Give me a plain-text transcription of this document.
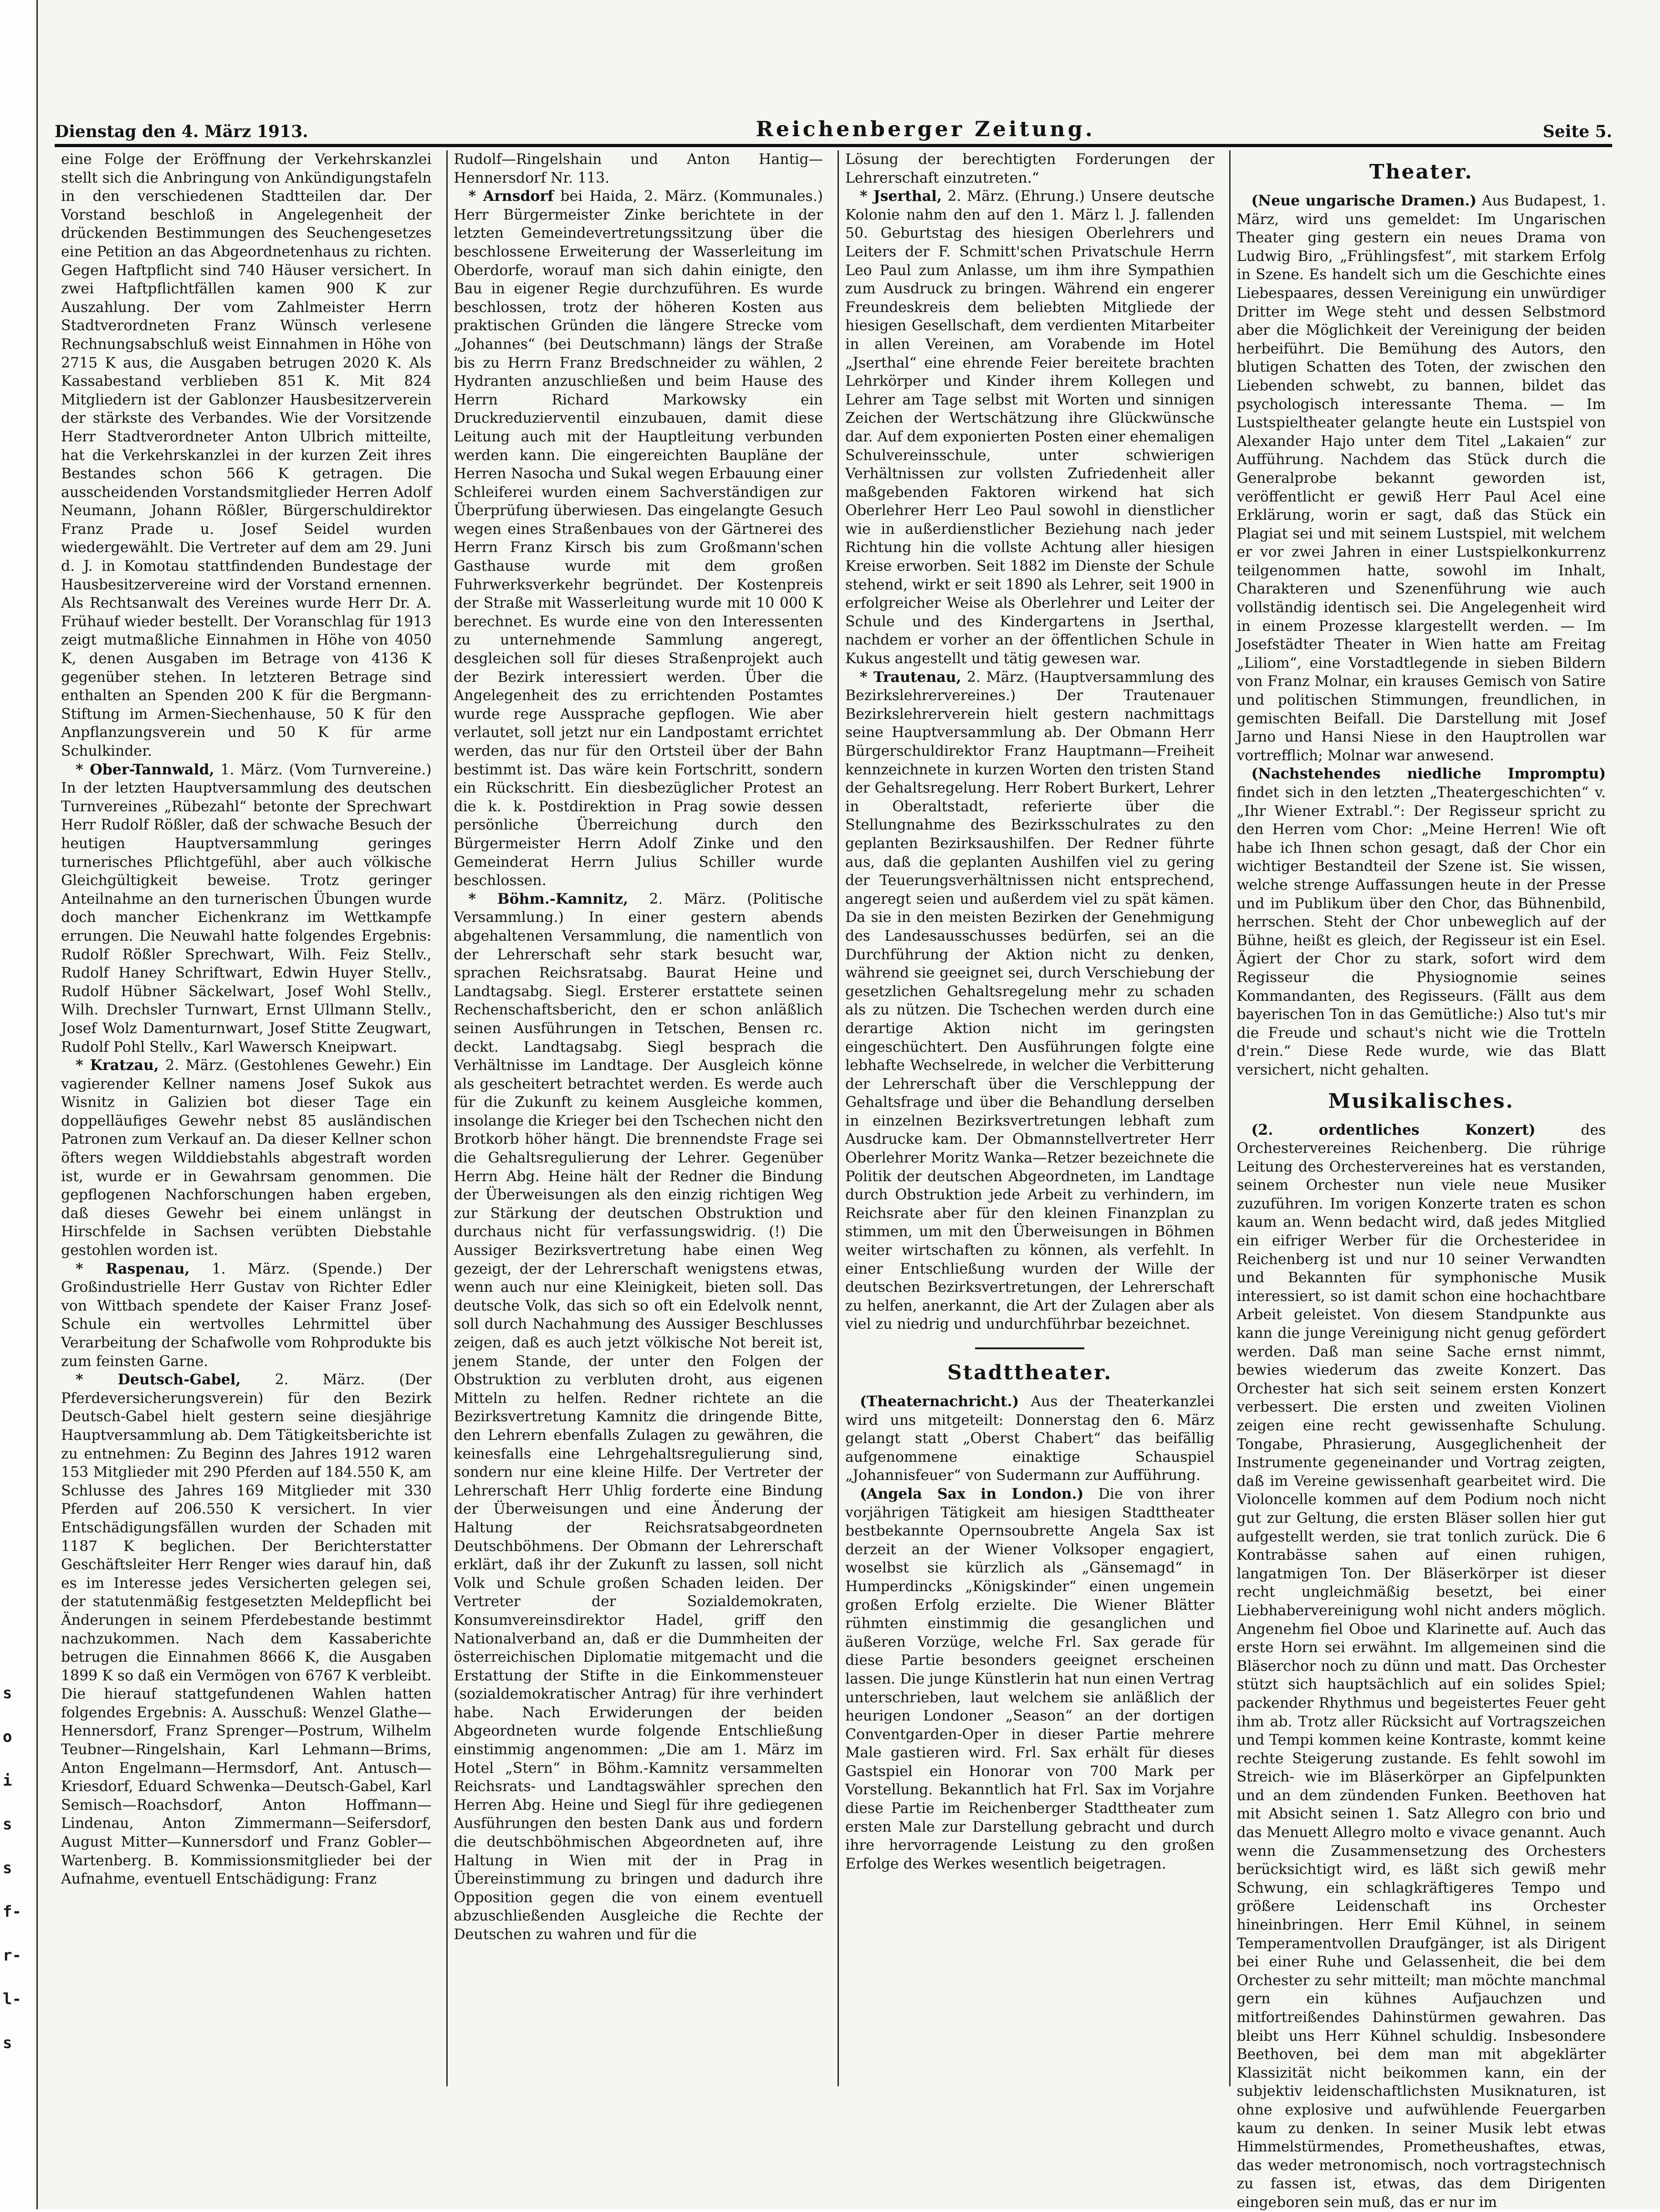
s
o
i
s
s
f-
r-
l-
s
Dienstag den 4. März 1913.	Reichenberger Zeitung.	Seite 5.

eine Folge der Eröffnung der Verkehrskanzlei stellt sich die Anbringung von Ankündigungstafeln in den verschiedenen Stadtteilen dar. Der Vorstand beschloß in Angelegenheit der drückenden Bestimmungen des Seuchengesetzes eine Petition an das Abgeordnetenhaus zu richten. Gegen Haftpflicht sind 740 Häuser versichert. In zwei Haftpflichtfällen kamen 900 K zur Auszahlung. Der vom Zahlmeister Herrn Stadtverordneten Franz Wünsch verlesene Rechnungsabschluß weist Einnahmen in Höhe von 2715 K aus, die Ausgaben betrugen 2020 K. Als Kassabestand verblieben 851 K. Mit 824 Mitgliedern ist der Gablonzer Hausbesitzerverein der stärkste des Verbandes. Wie der Vorsitzende Herr Stadtverordneter Anton Ulbrich mitteilte, hat die Verkehrskanzlei in der kurzen Zeit ihres Bestandes schon 566 K getragen. Die ausscheidenden Vorstandsmitglieder Herren Adolf Neumann, Johann Rößler, Bürgerschuldirektor Franz Prade u. Josef Seidel wurden wiedergewählt. Die Vertreter auf dem am 29. Juni d. J. in Komotau stattfindenden Bundestage der Hausbesitzervereine wird der Vorstand ernennen. Als Rechtsanwalt des Vereines wurde Herr Dr. A. Frühauf wieder bestellt. Der Voranschlag für 1913 zeigt mutmaßliche Einnahmen in Höhe von 4050 K, denen Ausgaben im Betrage von 4136 K gegenüber stehen. In letzteren Betrage sind enthalten an Spenden 200 K für die Bergmann-Stiftung im Armen-Siechenhause, 50 K für den Anpflanzungsverein und 50 K für arme Schulkinder.

* Ober-Tannwald, 1. März. (Vom Turnvereine.) In der letzten Hauptversammlung des deutschen Turnvereines „Rübezahl“ betonte der Sprechwart Herr Rudolf Rößler, daß der schwache Besuch der heutigen Hauptversammlung geringes turnerisches Pflichtgefühl, aber auch völkische Gleichgültigkeit beweise. Trotz geringer Anteilnahme an den turnerischen Übungen wurde doch mancher Eichenkranz im Wettkampfe errungen. Die Neuwahl hatte folgendes Ergebnis: Rudolf Rößler Sprechwart, Wilh. Feiz Stellv., Rudolf Haney Schriftwart, Edwin Huyer Stellv., Rudolf Hübner Säckelwart, Josef Wohl Stellv., Wilh. Drechsler Turnwart, Ernst Ullmann Stellv., Josef Wolz Damenturnwart, Josef Stitte Zeugwart, Rudolf Pohl Stellv., Karl Wawersch Kneipwart.

* Kratzau, 2. März. (Gestohlenes Gewehr.) Ein vagierender Kellner namens Josef Sukok aus Wisnitz in Galizien bot dieser Tage ein doppelläufiges Gewehr nebst 85 ausländischen Patronen zum Verkauf an. Da dieser Kellner schon öfters wegen Wilddiebstahls abgestraft worden ist, wurde er in Gewahrsam genommen. Die gepflogenen Nachforschungen haben ergeben, daß dieses Gewehr bei einem unlängst in Hirschfelde in Sachsen verübten Diebstahle gestohlen worden ist.

* Raspenau, 1. März. (Spende.) Der Großindustrielle Herr Gustav von Richter Edler von Wittbach spendete der Kaiser Franz Josef-Schule ein wertvolles Lehrmittel über Verarbeitung der Schafwolle vom Rohprodukte bis zum feinsten Garne.

* Deutsch-Gabel, 2. März. (Der Pferdeversicherungsverein) für den Bezirk Deutsch-Gabel hielt gestern seine diesjährige Hauptversammlung ab. Dem Tätigkeitsberichte ist zu entnehmen: Zu Beginn des Jahres 1912 waren 153 Mitglieder mit 290 Pferden auf 184.550 K, am Schlusse des Jahres 169 Mitglieder mit 330 Pferden auf 206.550 K versichert. In vier Entschädigungsfällen wurden der Schaden mit 1187 K beglichen. Der Berichterstatter Geschäftsleiter Herr Renger wies darauf hin, daß es im Interesse jedes Versicherten gelegen sei, der statutenmäßig festgesetzten Meldepflicht bei Änderungen in seinem Pferdebestande bestimmt nachzukommen. Nach dem Kassaberichte betrugen die Einnahmen 8666 K, die Ausgaben 1899 K so daß ein Vermögen von 6767 K verbleibt. Die hierauf stattgefundenen Wahlen hatten folgendes Ergebnis: A. Ausschuß: Wenzel Glathe—Hennersdorf, Franz Sprenger—Postrum, Wilhelm Teubner—Ringelshain, Karl Lehmann—Brims, Anton Engelmann—Hermsdorf, Ant. Antusch—Kriesdorf, Eduard Schwenka—Deutsch-Gabel, Karl Semisch—Roachsdorf, Anton Hoffmann—Lindenau, Anton Zimmermann—Seifersdorf, August Mitter—Kunnersdorf und Franz Gobler—Wartenberg. B. Kommissionsmitglieder bei der Aufnahme, eventuell Entschädigung: Franz

Rudolf—Ringelshain und Anton Hantig—Hennersdorf Nr. 113.

* Arnsdorf bei Haida, 2. März. (Kommunales.) Herr Bürgermeister Zinke berichtete in der letzten Gemeindevertretungssitzung über die beschlossene Erweiterung der Wasserleitung im Oberdorfe, worauf man sich dahin einigte, den Bau in eigener Regie durchzuführen. Es wurde beschlossen, trotz der höheren Kosten aus praktischen Gründen die längere Strecke vom „Johannes“ (bei Deutschmann) längs der Straße bis zu Herrn Franz Bredschneider zu wählen, 2 Hydranten anzuschließen und beim Hause des Herrn Richard Markowsky ein Druckreduzierventil einzubauen, damit diese Leitung auch mit der Hauptleitung verbunden werden kann. Die eingereichten Baupläne der Herren Nasocha und Sukal wegen Erbauung einer Schleiferei wurden einem Sachverständigen zur Überprüfung überwiesen. Das eingelangte Gesuch wegen eines Straßenbaues von der Gärtnerei des Herrn Franz Kirsch bis zum Großmann'schen Gasthause wurde mit dem großen Fuhrwerksverkehr begründet. Der Kostenpreis der Straße mit Wasserleitung wurde mit 10 000 K berechnet. Es wurde eine von den Interessenten zu unternehmende Sammlung angeregt, desgleichen soll für dieses Straßenprojekt auch der Bezirk interessiert werden. Über die Angelegenheit des zu errichtenden Postamtes wurde rege Aussprache gepflogen. Wie aber verlautet, soll jetzt nur ein Landpostamt errichtet werden, das nur für den Ortsteil über der Bahn bestimmt ist. Das wäre kein Fortschritt, sondern ein Rückschritt. Ein diesbezüglicher Protest an die k. k. Postdirektion in Prag sowie dessen persönliche Überreichung durch den Bürgermeister Herrn Adolf Zinke und den Gemeinderat Herrn Julius Schiller wurde beschlossen.

* Böhm.-Kamnitz, 2. März. (Politische Versammlung.) In einer gestern abends abgehaltenen Versammlung, die namentlich von der Lehrerschaft sehr stark besucht war, sprachen Reichsratsabg. Baurat Heine und Landtagsabg. Siegl. Ersterer erstattete seinen Rechenschaftsbericht, den er schon anläßlich seinen Ausführungen in Tetschen, Bensen rc. deckt. Landtagsabg. Siegl besprach die Verhältnisse im Landtage. Der Ausgleich könne als gescheitert betrachtet werden. Es werde auch für die Zukunft zu keinem Ausgleiche kommen, insolange die Krieger bei den Tschechen nicht den Brotkorb höher hängt. Die brennendste Frage sei die Gehaltsregulierung der Lehrer. Gegenüber Herrn Abg. Heine hält der Redner die Bindung der Überweisungen als den einzig richtigen Weg zur Stärkung der deutschen Obstruktion und durchaus nicht für verfassungswidrig. (!) Die Aussiger Bezirksvertretung habe einen Weg gezeigt, der der Lehrerschaft wenigstens etwas, wenn auch nur eine Kleinigkeit, bieten soll. Das deutsche Volk, das sich so oft ein Edelvolk nennt, soll durch Nachahmung des Aussiger Beschlusses zeigen, daß es auch jetzt völkische Not bereit ist, jenem Stande, der unter den Folgen der Obstruktion zu verbluten droht, aus eigenen Mitteln zu helfen. Redner richtete an die Bezirksvertretung Kamnitz die dringende Bitte, den Lehrern ebenfalls Zulagen zu gewähren, die keinesfalls eine Lehrgehaltsregulierung sind, sondern nur eine kleine Hilfe. Der Vertreter der Lehrerschaft Herr Uhlig forderte eine Bindung der Überweisungen und eine Änderung der Haltung der Reichsratsabgeordneten Deutschböhmens. Der Obmann der Lehrerschaft erklärt, daß ihr der Zukunft zu lassen, soll nicht Volk und Schule großen Schaden leiden. Der Vertreter der Sozialdemokraten, Konsumvereinsdirektor Hadel, griff den Nationalverband an, daß er die Dummheiten der österreichischen Diplomatie mitgemacht und die Erstattung der Stifte in die Einkommensteuer (sozialdemokratischer Antrag) für ihre verhindert habe. Nach Erwiderungen der beiden Abgeordneten wurde folgende Entschließung einstimmig angenommen: „Die am 1. März im Hotel „Stern“ in Böhm.-Kamnitz versammelten Reichsrats- und Landtagswähler sprechen den Herren Abg. Heine und Siegl für ihre gediegenen Ausführungen den besten Dank aus und fordern die deutschböhmischen Abgeordneten auf, ihre Haltung in Wien mit der in Prag in Übereinstimmung zu bringen und dadurch ihre Opposition gegen die von einem eventuell abzuschließenden Ausgleiche die Rechte der Deutschen zu wahren und für die

Lösung der berechtigten Forderungen der Lehrerschaft einzutreten.“

* Jserthal, 2. März. (Ehrung.) Unsere deutsche Kolonie nahm den auf den 1. März l. J. fallenden 50. Geburtstag des hiesigen Oberlehrers und Leiters der F. Schmitt'schen Privatschule Herrn Leo Paul zum Anlasse, um ihm ihre Sympathien zum Ausdruck zu bringen. Während ein engerer Freundeskreis dem beliebten Mitgliede der hiesigen Gesellschaft, dem verdienten Mitarbeiter in allen Vereinen, am Vorabende im Hotel „Jserthal“ eine ehrende Feier bereitete brachten Lehrkörper und Kinder ihrem Kollegen und Lehrer am Tage selbst mit Worten und sinnigen Zeichen der Wertschätzung ihre Glückwünsche dar. Auf dem exponierten Posten einer ehemaligen Schulvereinsschule, unter schwierigen Verhältnissen zur vollsten Zufriedenheit aller maßgebenden Faktoren wirkend hat sich Oberlehrer Herr Leo Paul sowohl in dienstlicher wie in außerdienstlicher Beziehung nach jeder Richtung hin die vollste Achtung aller hiesigen Kreise erworben. Seit 1882 im Dienste der Schule stehend, wirkt er seit 1890 als Lehrer, seit 1900 in erfolgreicher Weise als Oberlehrer und Leiter der Schule und des Kindergartens in Jserthal, nachdem er vorher an der öffentlichen Schule in Kukus angestellt und tätig gewesen war.

* Trautenau, 2. März. (Hauptversammlung des Bezirkslehrervereines.) Der Trautenauer Bezirkslehrerverein hielt gestern nachmittags seine Hauptversammlung ab. Der Obmann Herr Bürgerschuldirektor Franz Hauptmann—Freiheit kennzeichnete in kurzen Worten den tristen Stand der Gehaltsregelung. Herr Robert Burkert, Lehrer in Oberaltstadt, referierte über die Stellungnahme des Bezirksschulrates zu den geplanten Bezirksaushilfen. Der Redner führte aus, daß die geplanten Aushilfen viel zu gering der Teuerungsverhältnissen nicht entsprechend, angeregt seien und außerdem viel zu spät kämen. Da sie in den meisten Bezirken der Genehmigung des Landesausschusses bedürfen, sei an die Durchführung der Aktion nicht zu denken, während sie geeignet sei, durch Verschiebung der gesetzlichen Gehaltsregelung mehr zu schaden als zu nützen. Die Tschechen werden durch eine derartige Aktion nicht im geringsten eingeschüchtert. Den Ausführungen folgte eine lebhafte Wechselrede, in welcher die Verbitterung der Lehrerschaft über die Verschleppung der Gehaltsfrage und über die Behandlung derselben in einzelnen Bezirksvertretungen lebhaft zum Ausdrucke kam. Der Obmannstellvertreter Herr Oberlehrer Moritz Wanka—Retzer bezeichnete die Politik der deutschen Abgeordneten, im Landtage durch Obstruktion jede Arbeit zu verhindern, im Reichsrate aber für den kleinen Finanzplan zu stimmen, um mit den Überweisungen in Böhmen weiter wirtschaften zu können, als verfehlt. In einer Entschließung wurden der Wille der deutschen Bezirksvertretungen, der Lehrerschaft zu helfen, anerkannt, die Art der Zulagen aber als viel zu niedrig und undurchführbar bezeichnet.

Stadttheater.

(Theaternachricht.) Aus der Theaterkanzlei wird uns mitgeteilt: Donnerstag den 6. März gelangt statt „Oberst Chabert“ das beifällig aufgenommene einaktige Schauspiel „Johannisfeuer“ von Sudermann zur Aufführung.

(Angela Sax in London.) Die von ihrer vorjährigen Tätigkeit am hiesigen Stadttheater bestbekannte Opernsoubrette Angela Sax ist derzeit an der Wiener Volksoper engagiert, woselbst sie kürzlich als „Gänsemagd“ in Humperdincks „Königskinder“ einen ungemein großen Erfolg erzielte. Die Wiener Blätter rühmten einstimmig die gesanglichen und äußeren Vorzüge, welche Frl. Sax gerade für diese Partie besonders geeignet erscheinen lassen. Die junge Künstlerin hat nun einen Vertrag unterschrieben, laut welchem sie anläßlich der heurigen Londoner „Season“ an der dortigen Conventgarden-Oper in dieser Partie mehrere Male gastieren wird. Frl. Sax erhält für dieses Gastspiel ein Honorar von 700 Mark per Vorstellung. Bekanntlich hat Frl. Sax im Vorjahre diese Partie im Reichenberger Stadttheater zum ersten Male zur Darstellung gebracht und durch ihre hervorragende Leistung zu den großen Erfolge des Werkes wesentlich beigetragen.

Theater.

(Neue ungarische Dramen.) Aus Budapest, 1. März, wird uns gemeldet: Im Ungarischen Theater ging gestern ein neues Drama von Ludwig Biro, „Frühlingsfest“, mit starkem Erfolg in Szene. Es handelt sich um die Geschichte eines Liebespaares, dessen Vereinigung ein unwürdiger Dritter im Wege steht und dessen Selbstmord aber die Möglichkeit der Vereinigung der beiden herbeiführt. Die Bemühung des Autors, den blutigen Schatten des Toten, der zwischen den Liebenden schwebt, zu bannen, bildet das psychologisch interessante Thema. — Im Lustspieltheater gelangte heute ein Lustspiel von Alexander Hajo unter dem Titel „Lakaien“ zur Aufführung. Nachdem das Stück durch die Generalprobe bekannt geworden ist, veröffentlicht er gewiß Herr Paul Acel eine Erklärung, worin er sagt, daß das Stück ein Plagiat sei und mit seinem Lustspiel, mit welchem er vor zwei Jahren in einer Lustspielkonkurrenz teilgenommen hatte, sowohl im Inhalt, Charakteren und Szenenführung wie auch vollständig identisch sei. Die Angelegenheit wird in einem Prozesse klargestellt werden. — Im Josefstädter Theater in Wien hatte am Freitag „Liliom“, eine Vorstadtlegende in sieben Bildern von Franz Molnar, ein krauses Gemisch von Satire und politischen Stimmungen, freundlichen, in gemischten Beifall. Die Darstellung mit Josef Jarno und Hansi Niese in den Hauptrollen war vortrefflich; Molnar war anwesend.

(Nachstehendes niedliche Impromptu) findet sich in den letzten „Theatergeschichten“ v. „Ihr Wiener Extrabl.“: Der Regisseur spricht zu den Herren vom Chor: „Meine Herren! Wie oft habe ich Ihnen schon gesagt, daß der Chor ein wichtiger Bestandteil der Szene ist. Sie wissen, welche strenge Auffassungen heute in der Presse und im Publikum über den Chor, das Bühnenbild, herrschen. Steht der Chor unbeweglich auf der Bühne, heißt es gleich, der Regisseur ist ein Esel. Ägiert der Chor zu stark, sofort wird dem Regisseur die Physiognomie seines Kommandanten, des Regisseurs. (Fällt aus dem bayerischen Ton in das Gemütliche:) Also tut's mir die Freude und schaut's nicht wie die Trotteln d'rein.“ Diese Rede wurde, wie das Blatt versichert, nicht gehalten.

Musikalisches.

(2. ordentliches Konzert)	des Orchestervereines Reichenberg. Die rührige Leitung des Orchestervereines hat es verstanden, seinem Orchester nun viele neue Musiker zuzuführen. Im vorigen Konzerte traten es schon kaum an. Wenn bedacht wird, daß jedes Mitglied ein eifriger Werber für die Orchesteridee in Reichenberg ist und nur 10 seiner Verwandten und Bekannten für symphonische Musik interessiert, so ist damit schon eine hochachtbare Arbeit geleistet. Von diesem Standpunkte aus kann die junge Vereinigung nicht genug gefördert werden. Daß man seine Sache ernst nimmt, bewies wiederum das zweite Konzert. Das Orchester hat sich seit seinem ersten Konzert verbessert. Die ersten und zweiten Violinen zeigen eine recht gewissenhafte Schulung. Tongabe, Phrasierung, Ausgeglichenheit der Instrumente gegeneinander und Vortrag zeigten, daß im Vereine gewissenhaft gearbeitet wird. Die Violoncelle kommen auf dem Podium noch nicht gut zur Geltung, die ersten Bläser sollen hier gut aufgestellt werden, sie trat tonlich zurück. Die 6 Kontrabässe sahen auf einen ruhigen, langatmigen Ton. Der Bläserkörper ist dieser recht ungleichmäßig besetzt, bei einer Liebhabervereinigung wohl nicht anders möglich. Angenehm fiel Oboe und Klarinette auf. Auch das erste Horn sei erwähnt. Im allgemeinen sind die Bläserchor noch zu dünn und matt. Das Orchester stützt sich hauptsächlich auf ein solides Spiel; packender Rhythmus und begeistertes Feuer geht ihm ab. Trotz aller Rücksicht auf Vortragszeichen und Tempi kommen keine Kontraste, kommt keine rechte Steigerung zustande. Es fehlt sowohl im Streich- wie im Bläserkörper an Gipfelpunkten und an dem zündenden Funken. Beethoven hat mit Absicht seinen 1. Satz Allegro con brio und das Menuett Allegro molto e vivace genannt. Auch wenn die Zusammensetzung des Orchesters berücksichtigt wird, es läßt sich gewiß mehr Schwung, ein schlagkräftigeres Tempo und größere Leidenschaft ins Orchester hineinbringen. Herr Emil Kühnel, in seinem Temperamentvollen Draufgänger, ist als Dirigent bei einer Ruhe und Gelassenheit, die bei dem Orchester zu sehr mitteilt; man möchte manchmal gern ein kühnes Aufjauchzen und mitfortreißendes Dahinstürmen gewahren. Das bleibt uns Herr Kühnel schuldig. Insbesondere Beethoven, bei dem man mit abgeklärter Klassizität nicht beikommen kann, ein der subjektiv leidenschaftlichsten Musiknaturen, ist ohne explosive und aufwühlende Feuergarben kaum zu denken. In seiner Musik lebt etwas Himmelstürmendes, Prometheushaftes, etwas, das weder metronomisch, noch vortragstechnisch zu fassen ist, etwas, das dem Dirigenten eingeboren sein muß, das er nur im
